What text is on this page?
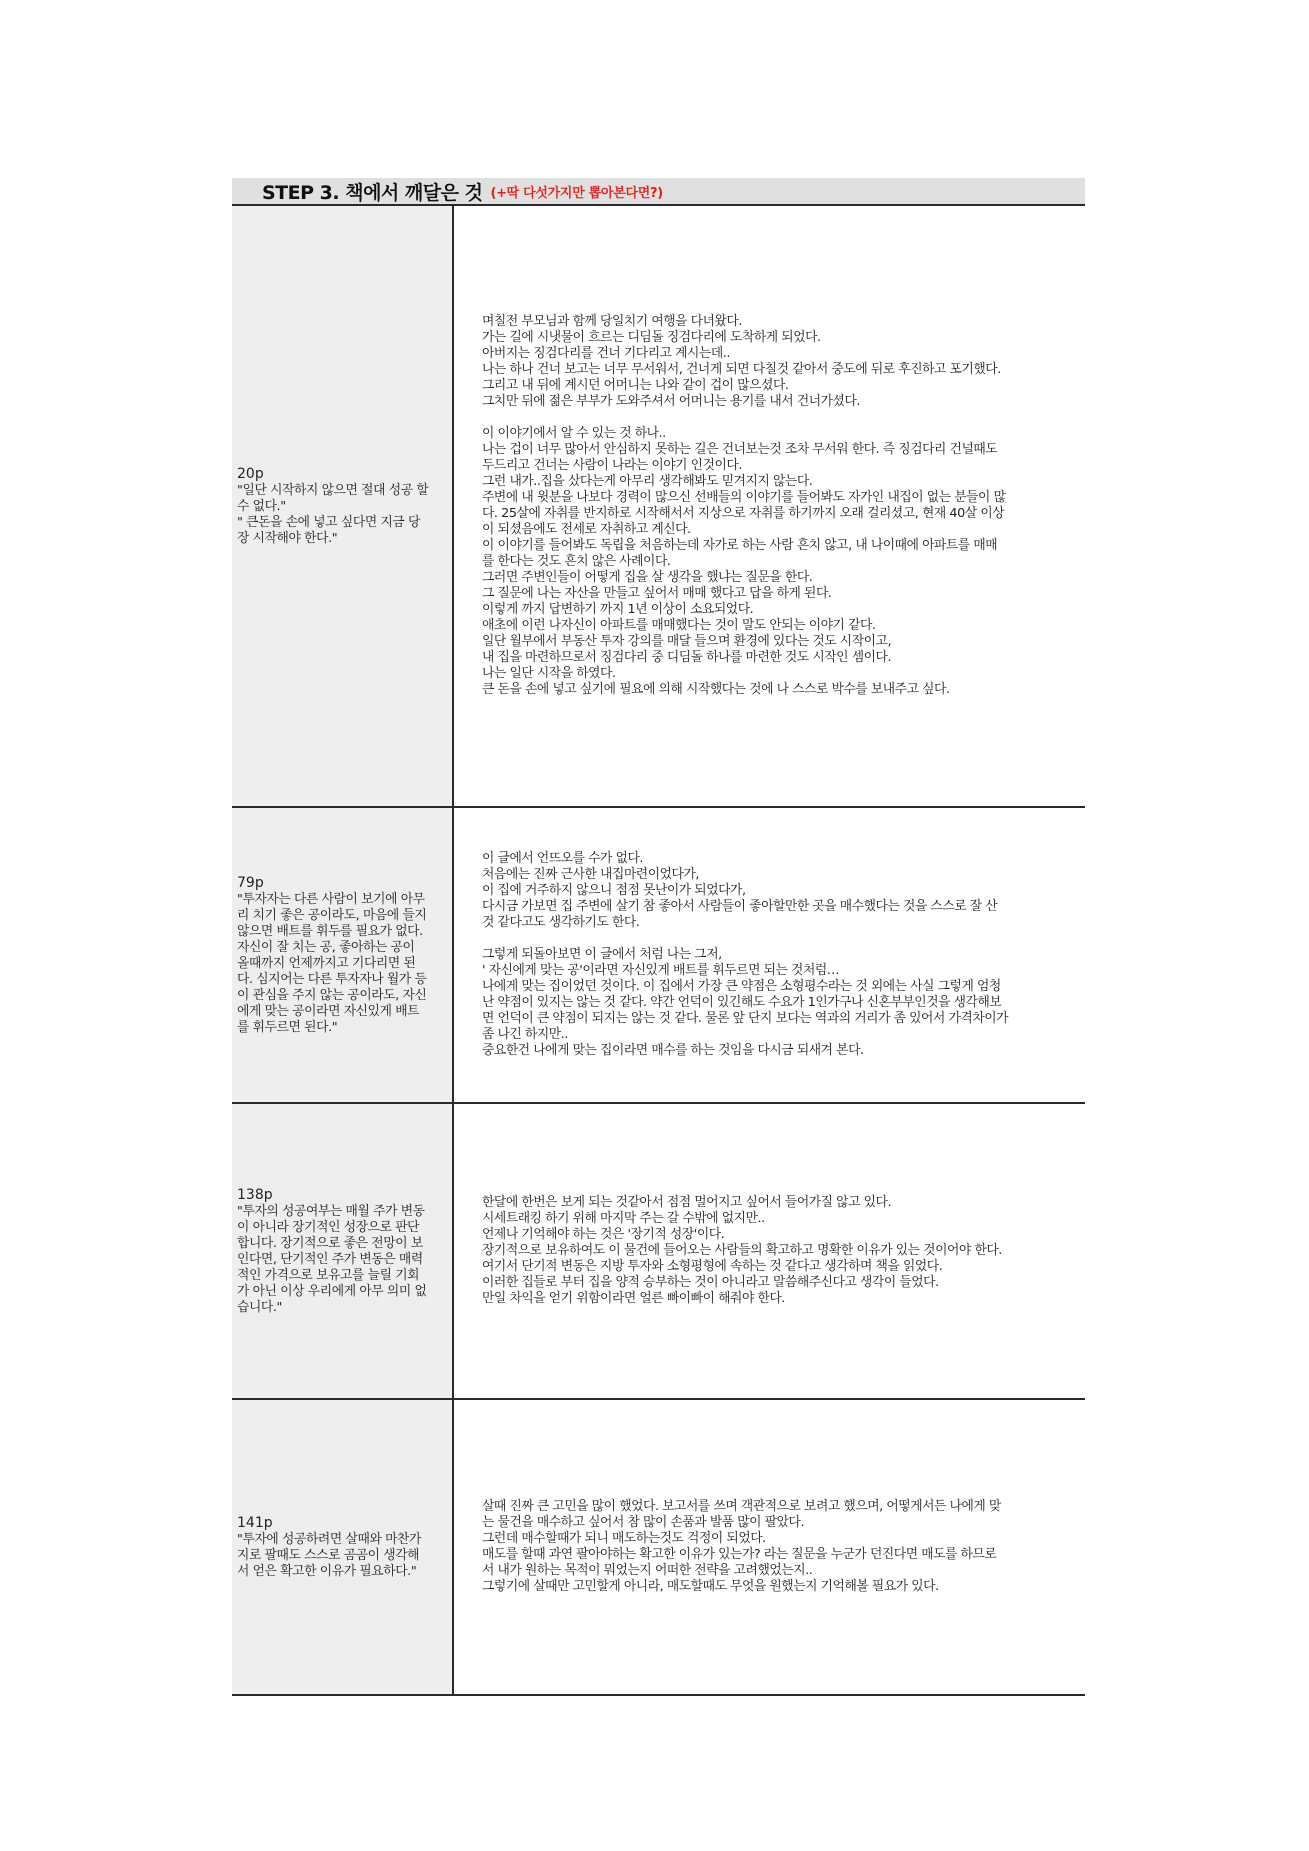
STEP 3. 책에서 깨달은 것 (+딱 다섯가지만 뽑아본다면?)
20p
"일단 시작하지 않으면 절대 성공 할
수 없다."
" 큰돈을 손에 넣고 싶다면 지금 당
장 시작해야 한다."

며칠전 부모님과 함께 당일치기 여행을 다녀왔다.
가는 길에 시냇물이 흐르는 디딤돌 징검다리에 도착하게 되었다.
아버지는 징검다리를 건너 기다리고 계시는데..
나는 하나 건너 보고는 너무 무서워서, 건너게 되면 다칠것 같아서 중도에 뒤로 후진하고 포기했다.
그리고 내 뒤에 계시던 어머니는 나와 같이 겁이 많으셨다.
그치만 뒤에 젊은 부부가 도와주셔서 어머니는 용기를 내서 건너가셨다.

이 이야기에서 알 수 있는 것 하나..
나는 겁이 너무 많아서 안심하지 못하는 길은 건너보는것 조차 무서워 한다. 즉 징검다리 건널때도
두드리고 건너는 사람이 나라는 이야기 인것이다.
그런 내가..집을 샀다는게 아무리 생각해봐도 믿겨지지 않는다.
주변에 내 윗분을 나보다 경력이 많으신 선배들의 이야기를 들어봐도 자가인 내집이 없는 분들이 많
다. 25살에 자취를 반지하로 시작해서서 지상으로 자취를 하기까지 오래 걸리셨고, 현재 40살 이상
이 되셨음에도 전세로 자취하고 계신다.
이 이야기를 들어봐도 독립을 처음하는데 자가로 하는 사람 흔치 않고, 내 나이때에 아파트를 매매
를 한다는 것도 흔치 않은 사례이다.
그러면 주변인들이 어떻게 집을 살 생각을 했냐는 질문을 한다.
그 질문에 나는 자산을 만들고 싶어서 매매 했다고 답을 하게 된다.
이렇게 까지 답변하기 까지 1년 이상이 소요되었다.
애초에 이런 나자신이 아파트를 매매했다는 것이 말도 안되는 이야기 같다.
일단 월부에서 부동산 투자 강의를 매달 들으며 환경에 있다는 것도 시작이고,
내 집을 마련하므로서 징검다리 중 디딤돌 하나를 마련한 것도 시작인 셈이다.
나는 일단 시작을 하였다.
큰 돈을 손에 넣고 싶기에 필요에 의해 시작했다는 것에 나 스스로 박수를 보내주고 싶다.

79p
"투자자는 다른 사람이 보기에 아무
리 치기 좋은 공이라도, 마음에 들지
않으면 배트를 휘두를 필요가 없다.
자신이 잘 치는 공, 좋아하는 공이
올때까지 언제까지고 기다리면 된
다. 심지어는 다른 투자자나 월가 등
이 관심을 주지 않는 공이라도, 자신
에게 맞는 공이라면 자신있게 배트
를 휘두르면 된다."

이 글에서 언뜨오를 수가 없다.
처음에는 진짜 근사한 내집마련이었다가,
이 집에 거주하지 않으니 점점 못난이가 되었다가,
다시금 가보면 집 주변에 살기 참 좋아서 사람들이 좋아할만한 곳을 매수했다는 것을 스스로 잘 산
것 같다고도 생각하기도 한다.

그렇게 되돌아보면 이 글에서 처럼 나는 그저,
' 자신에게 맞는 공'이라면 자신있게 배트를 휘두르면 되는 것처럼…
나에게 맞는 집이었던 것이다. 이 집에서 가장 큰 약점은 소형평수라는 것 외에는 사실 그렇게 엄청
난 약점이 있지는 않는 것 같다. 약간 언덕이 있긴해도 수요가 1인가구나 신혼부부인것을 생각해보
면 언덕이 큰 약점이 되지는 않는 것 같다. 물론 앞 단지 보다는 역과의 거리가 좀 있어서 가격차이가
좀 나긴 하지만..
중요한건 나에게 맞는 집이라면 매수를 하는 것임을 다시금 되새겨 본다.

138p
"투자의 성공여부는 매월 주가 변동
이 아니라 장기적인 성장으로 판단
합니다. 장기적으로 좋은 전망이 보
인다면, 단기적인 주가 변동은 매력
적인 가격으로 보유고를 늘릴 기회
가 아닌 이상 우리에게 아무 의미 없
습니다."

한달에 한번은 보게 되는 것같아서 점점 멀어지고 싶어서 들어가질 않고 있다.
시세트래킹 하기 위해 마지막 주는 갈 수밖에 없지만..
언제나 기억해야 하는 것은 '장기적 성장'이다.
장기적으로 보유하여도 이 물건에 들어오는 사람들의 확고하고 명확한 이유가 있는 것이어야 한다.
여기서 단기적 변동은 지방 투자와 소형평형에 속하는 것 같다고 생각하며 책을 읽었다.
이러한 집들로 부터 집을 양적 승부하는 것이 아니라고 말씀해주신다고 생각이 들었다.
만일 차익을 얻기 위함이라면 얼른 빠이빠이 해줘야 한다.

141p
"투자에 성공하려면 살때와 마찬가
지로 팔때도 스스로 곰곰이 생각해
서 얻은 확고한 이유가 필요하다."

살때 진짜 큰 고민을 많이 했었다. 보고서를 쓰며 객관적으로 보려고 했으며, 어떻게서든 나에게 맞
는 물건을 매수하고 싶어서 참 많이 손품과 발품 많이 팔았다.
그런데 매수할때가 되니 매도하는것도 걱정이 되었다.
매도를 할때 과연 팔아야하는 확고한 이유가 있는가? 라는 질문을 누군가 던진다면 매도를 하므로
서 내가 원하는 목적이 뭐었는지 어떠한 전략을 고려했었는지..
그렇기에 살때만 고민할게 아니라, 매도할때도 무엇을 원했는지 기억해볼 필요가 있다.
